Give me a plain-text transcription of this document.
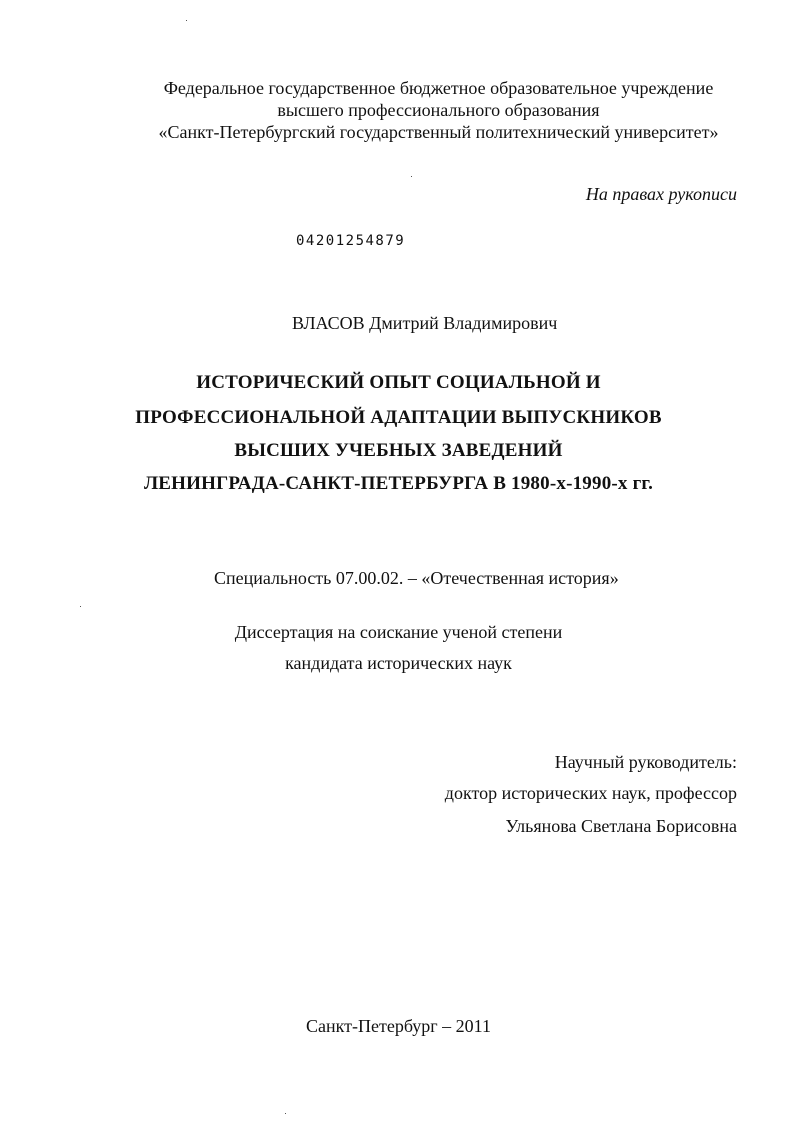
Федеральное государственное бюджетное образовательное учреждение
высшего профессионального образования
«Санкт-Петербургский государственный политехнический университет»
На правах рукописи
04201254879
ВЛАСОВ Дмитрий Владимирович
ИСТОРИЧЕСКИЙ ОПЫТ СОЦИАЛЬНОЙ И
ПРОФЕССИОНАЛЬНОЙ АДАПТАЦИИ ВЫПУСКНИКОВ
ВЫСШИХ УЧЕБНЫХ ЗАВЕДЕНИЙ
ЛЕНИНГРАДА-САНКТ-ПЕТЕРБУРГА В 1980-х-1990-х гг.
Специальность 07.00.02. – «Отечественная история»
Диссертация на соискание ученой степени
кандидата исторических наук
Научный руководитель:
доктор исторических наук, профессор
Ульянова Светлана Борисовна
Санкт-Петербург – 2011
